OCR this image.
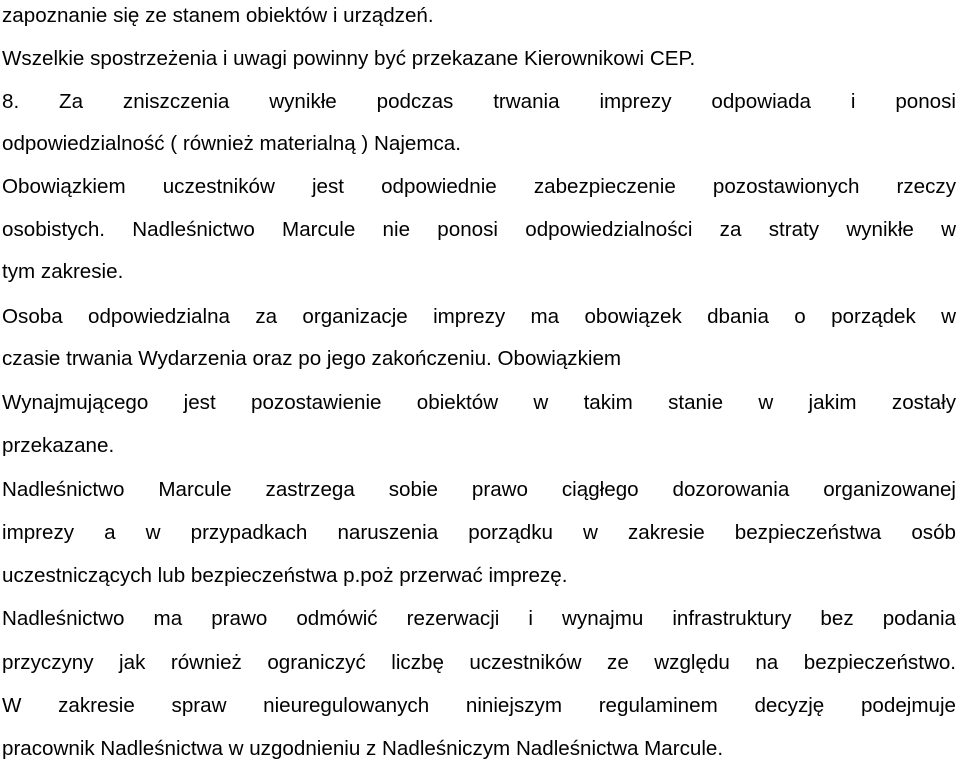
zapoznanie się ze stanem obiektów i urządzeń.
Wszelkie spostrzeżenia i uwagi powinny być przekazane Kierownikowi CEP.
8. Za zniszczenia wynikłe podczas trwania imprezy odpowiada i ponosi
odpowiedzialność ( również materialną ) Najemca.
Obowiązkiem uczestników jest odpowiednie zabezpieczenie pozostawionych rzeczy
osobistych. Nadleśnictwo Marcule nie ponosi odpowiedzialności za straty wynikłe w
tym zakresie.
Osoba odpowiedzialna za organizacje imprezy ma obowiązek dbania o porządek w
czasie trwania Wydarzenia oraz po jego zakończeniu. Obowiązkiem
Wynajmującego jest pozostawienie obiektów w takim stanie w jakim zostały
przekazane.
Nadleśnictwo Marcule zastrzega sobie prawo ciągłego dozorowania organizowanej
imprezy a w przypadkach naruszenia porządku w zakresie bezpieczeństwa osób
uczestniczących lub bezpieczeństwa p.poż przerwać imprezę.
Nadleśnictwo ma prawo odmówić rezerwacji i wynajmu infrastruktury bez podania
przyczyny jak również ograniczyć liczbę uczestników ze względu na bezpieczeństwo.
W zakresie spraw nieuregulowanych niniejszym regulaminem decyzję podejmuje
pracownik Nadleśnictwa w uzgodnieniu z Nadleśniczym Nadleśnictwa Marcule.
